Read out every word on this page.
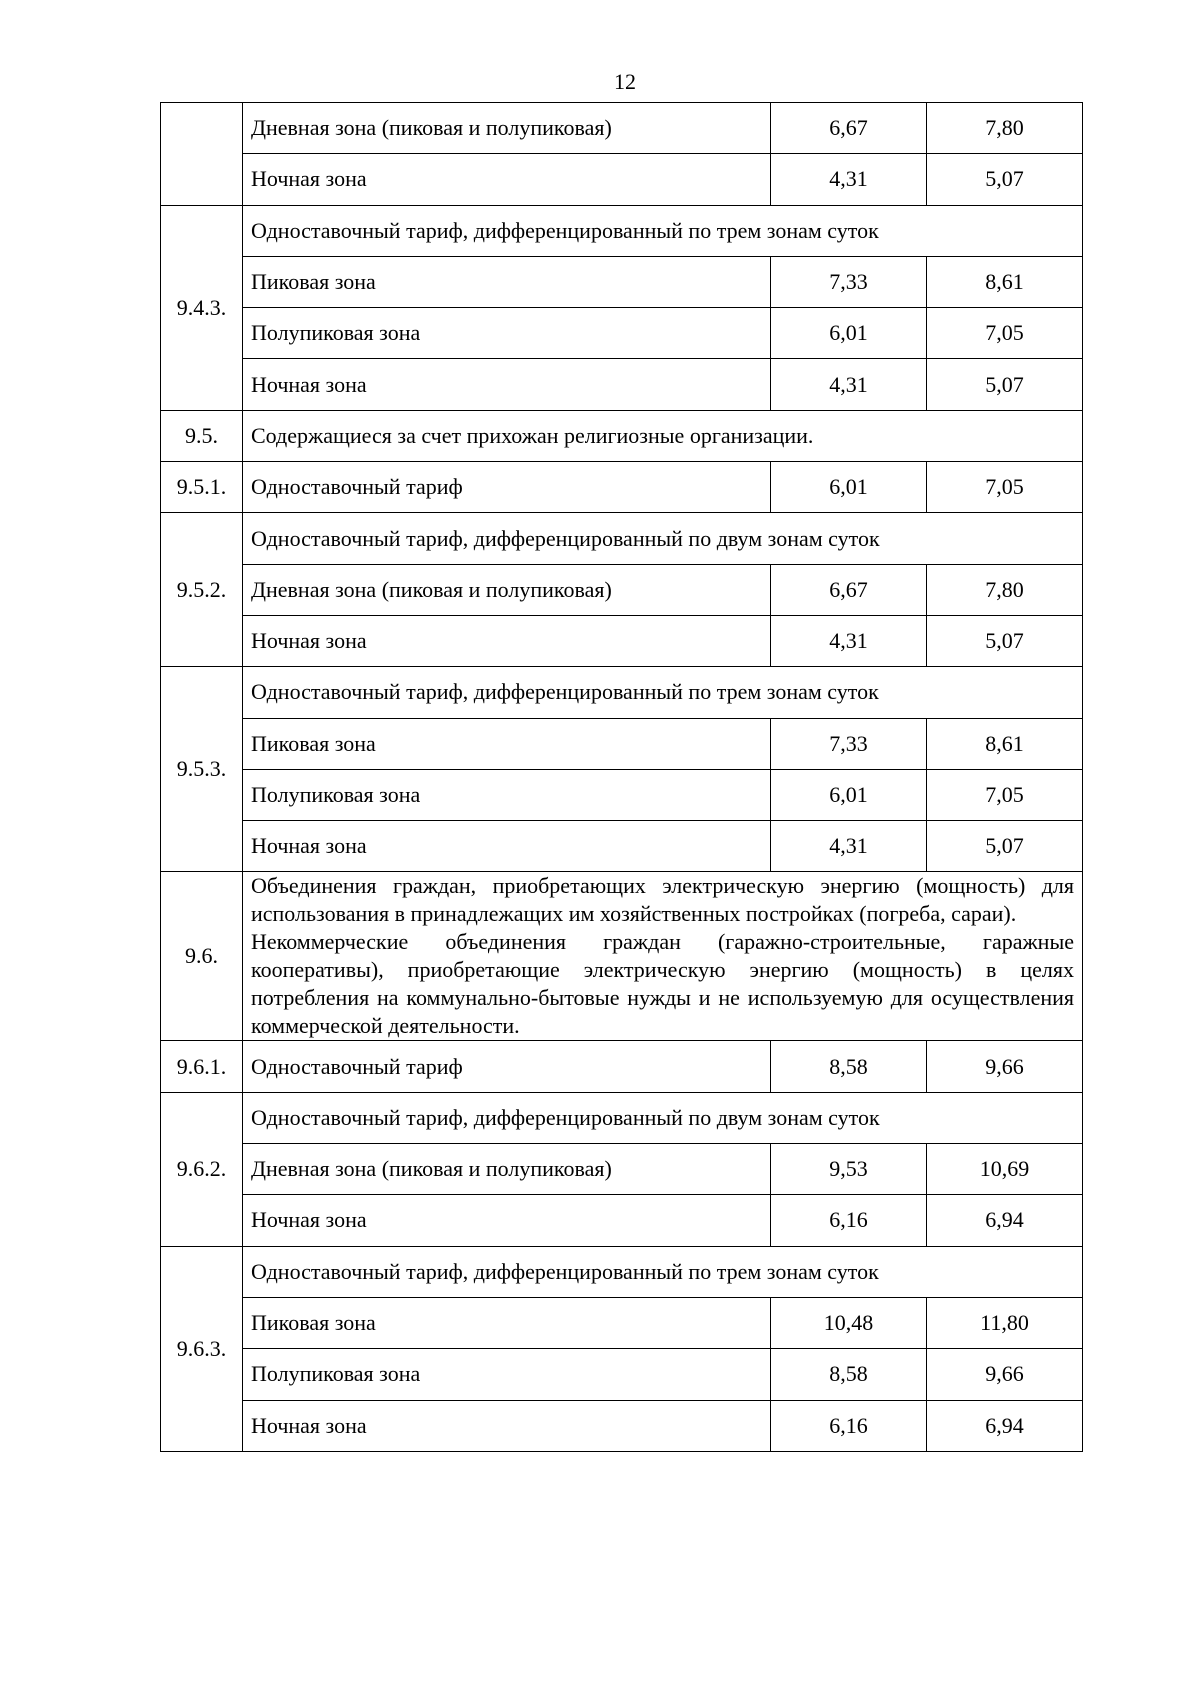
12
	Дневная зона (пиковая и полупиковая)	6,67	7,80
	Ночная зона	4,31	5,07
9.4.3.	Одноставочный тариф, дифференцированный по трем зонам суток		
	Пиковая зона	7,33	8,61
	Полупиковая зона	6,01	7,05
	Ночная зона	4,31	5,07
9.5.	Содержащиеся за счет прихожан религиозные организации.		
9.5.1.	Одноставочный тариф	6,01	7,05
9.5.2.	Одноставочный тариф, дифференцированный по двум зонам суток		
	Дневная зона (пиковая и полупиковая)	6,67	7,80
	Ночная зона	4,31	5,07
9.5.3.	Одноставочный тариф, дифференцированный по трем зонам суток		
	Пиковая зона	7,33	8,61
	Полупиковая зона	6,01	7,05
	Ночная зона	4,31	5,07
9.6.	Объединения граждан, приобретающих электрическую энергию (мощность) для использования в принадлежащих им хозяйственных постройках (погреба, сараи).
Некоммерческие объединения граждан (гаражно-строительные, гаражные кооперативы), приобретающие электрическую энергию (мощность) в целях потребления на коммунально-бытовые нужды и не используемую для осуществления коммерческой деятельности.		

9.6.1.	Одноставочный тариф	8,58	9,66
9.6.2.	Одноставочный тариф, дифференцированный по двум зонам суток		
	Дневная зона (пиковая и полупиковая)	9,53	10,69
	Ночная зона	6,16	6,94
9.6.3.	Одноставочный тариф, дифференцированный по трем зонам суток		
	Пиковая зона	10,48	11,80
	Полупиковая зона	8,58	9,66
	Ночная зона	6,16	6,94
